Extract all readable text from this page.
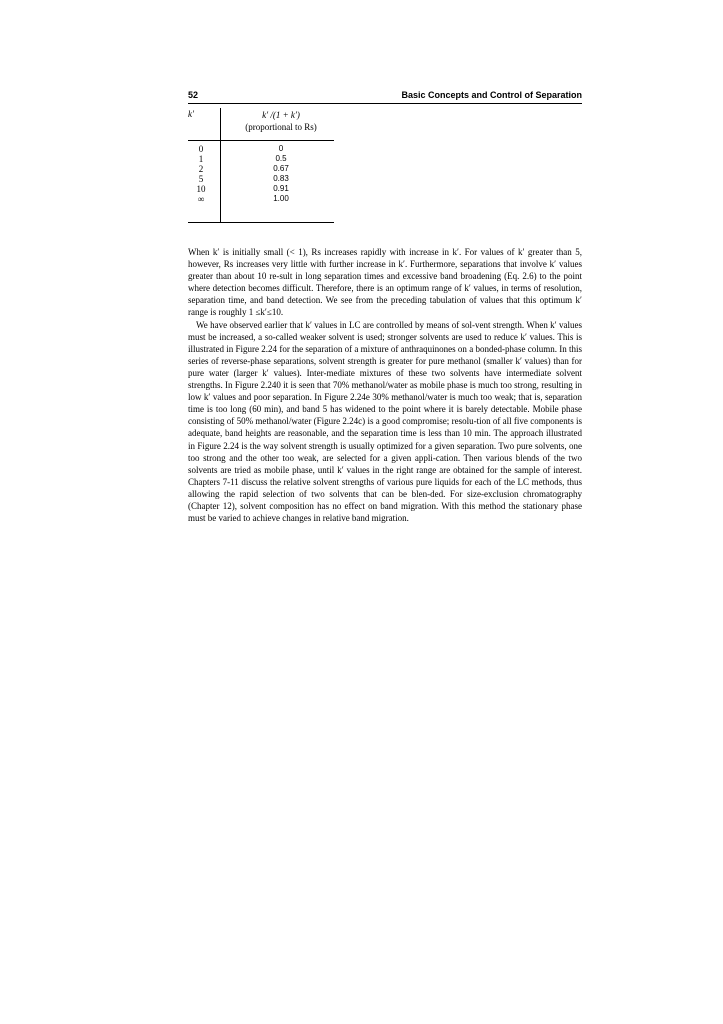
52	Basic Concepts and Control of Separation
k′	k′ /(1 + k′)
(proportional to Rs)
0	0
1	0.5
2	0.67
5	0.83
10	0.91
∞	1.00

When k′ is initially small (< 1), Rs increases rapidly with increase in k′. For values of k′ greater than 5, however, Rs increases very little with further increase in k′. Furthermore, separations that involve k′ values greater than about 10 re-sult in long separation times and excessive band broadening (Eq. 2.6) to the point where detection becomes difficult. Therefore, there is an optimum range of k′ values, in terms of resolution, separation time, and band detection. We see from the preceding tabulation of values that this optimum k′ range is roughly 1 ≤k′≤10.

We have observed earlier that k′ values in LC are controlled by means of sol-vent strength. When k′ values must be increased, a so-called weaker solvent is used; stronger solvents are used to reduce k′ values. This is illustrated in Figure 2.24 for the separation of a mixture of anthraquinones on a bonded-phase column. In this series of reverse-phase separations, solvent strength is greater for pure methanol (smaller k′ values) than for pure water (larger k′ values). Inter-mediate mixtures of these two solvents have intermediate solvent strengths. In Figure 2.240 it is seen that 70% methanol/water as mobile phase is much too strong, resulting in low k′ values and poor separation. In Figure 2.24e 30% methanol/water is much too weak; that is, separation time is too long (60 min), and band 5 has widened to the point where it is barely detectable. Mobile phase consisting of 50% methanol/water (Figure 2.24c) is a good compromise; resolu-tion of all five components is adequate, band heights are reasonable, and the separation time is less than 10 min. The approach illustrated in Figure 2.24 is the way solvent strength is usually optimized for a given separation. Two pure solvents, one too strong and the other too weak, are selected for a given appli-cation. Then various blends of the two solvents are tried as mobile phase, until k′ values in the right range are obtained for the sample of interest. Chapters 7-11 discuss the relative solvent strengths of various pure liquids for each of the LC methods, thus allowing the rapid selection of two solvents that can be blen-ded. For size-exclusion chromatography (Chapter 12), solvent composition has no effect on band migration. With this method the stationary phase must be varied to achieve changes in relative band migration.
